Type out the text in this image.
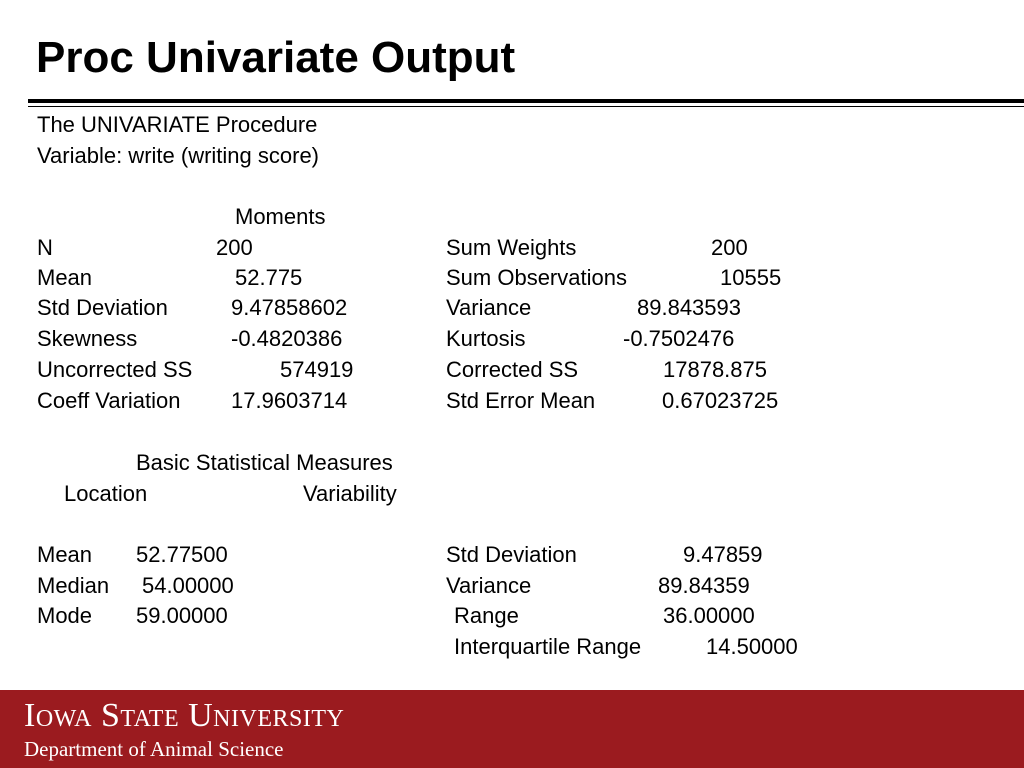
Proc Univariate Output
The UNIVARIATE Procedure
Variable: write (writing score)
Moments
N	200	Sum Weights	200
Mean	52.775	Sum Observations	10555
Std Deviation	9.47858602	Variance	89.843593
Skewness	-0.4820386	Kurtosis	-0.7502476
Uncorrected SS	574919	Corrected SS	17878.875
Coeff Variation 17.9603714	Std Error Mean	0.67023725
Basic Statistical Measures
Location	Variability
Mean 52.77500	Std Deviation	9.47859
Median 54.00000	Variance	89.84359
Mode 59.00000	Range	36.00000
Interquartile Range	14.50000
Iowa State University
Department of Animal Science
